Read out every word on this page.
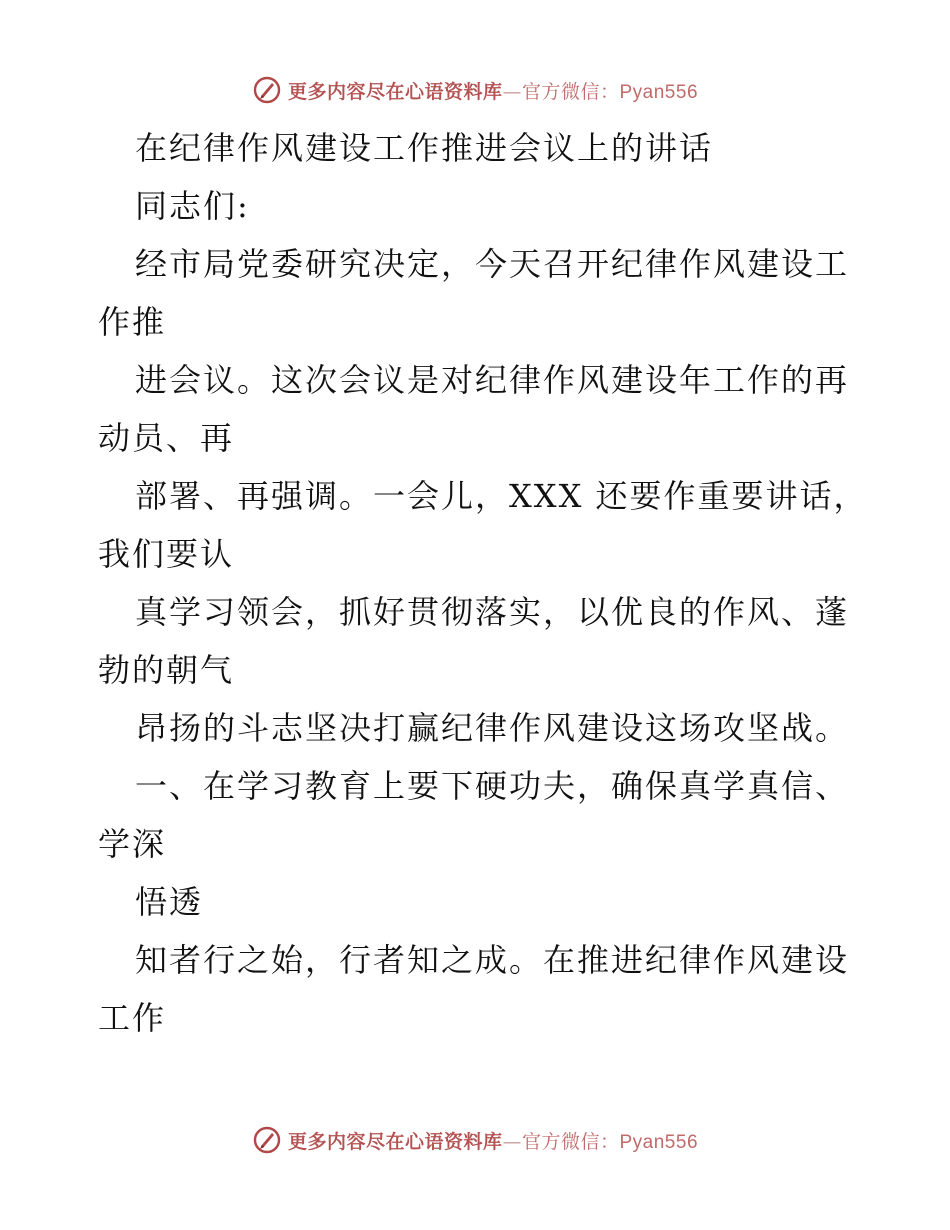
更多内容尽在心语资料库—官方微信：Pyan556
在纪律作风建设工作推进会议上的讲话
同志们:
经市局党委研究决定，今天召开纪律作风建设工
作推
进会议。这次会议是对纪律作风建设年工作的再
动员、再
部署、再强调。一会儿，XXX 还要作重要讲话，
我们要认
真学习领会，抓好贯彻落实，以优良的作风、蓬
勃的朝气
昂扬的斗志坚决打赢纪律作风建设这场攻坚战。
一、在学习教育上要下硬功夫，确保真学真信、
学深
悟透
知者行之始，行者知之成。在推进纪律作风建设
工作
更多内容尽在心语资料库—官方微信：Pyan556
